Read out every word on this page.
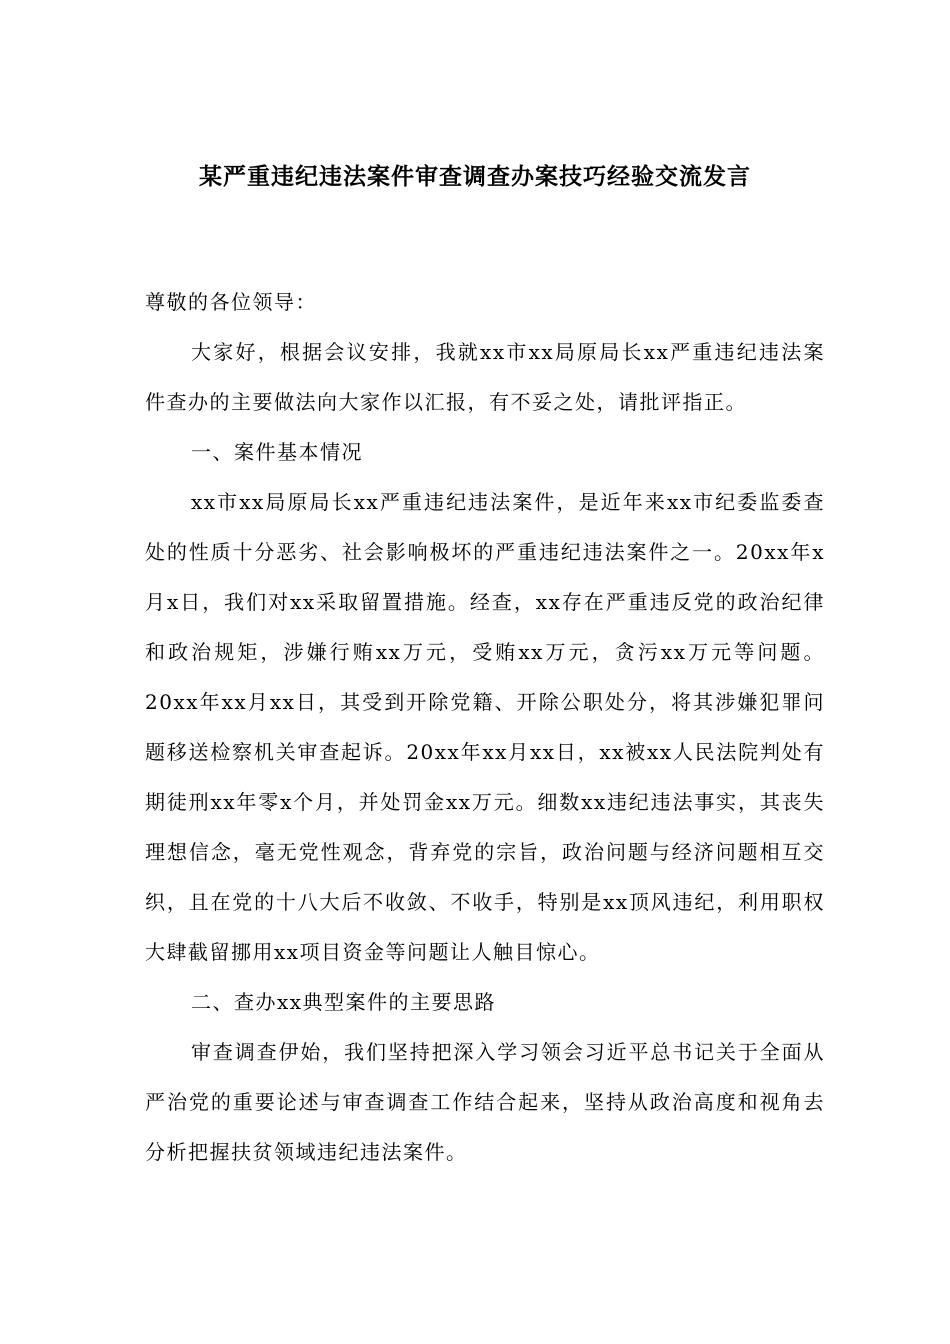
某严重违纪违法案件审查调查办案技巧经验交流发言

尊敬的各位领导：

大家好，根据会议安排，我就xx市xx局原局长xx严重违纪违法案件查办的主要做法向大家作以汇报，有不妥之处，请批评指正。

一、案件基本情况

xx市xx局原局长xx严重违纪违法案件，是近年来xx市纪委监委查处的性质十分恶劣、社会影响极坏的严重违纪违法案件之一。20xx年x月x日，我们对xx采取留置措施。经查，xx存在严重违反党的政治纪律和政治规矩，涉嫌行贿xx万元，受贿xx万元，贪污xx万元等问题。20xx年xx月xx日，其受到开除党籍、开除公职处分，将其涉嫌犯罪问题移送检察机关审查起诉。20xx年xx月xx日，xx被xx人民法院判处有期徒刑xx年零x个月，并处罚金xx万元。细数xx违纪违法事实，其丧失理想信念，毫无党性观念，背弃党的宗旨，政治问题与经济问题相互交织，且在党的十八大后不收敛、不收手，特别是xx顶风违纪，利用职权大肆截留挪用xx项目资金等问题让人触目惊心。

二、查办xx典型案件的主要思路

审查调查伊始，我们坚持把深入学习领会习近平总书记关于全面从严治党的重要论述与审查调查工作结合起来，坚持从政治高度和视角去分析把握扶贫领域违纪违法案件。
